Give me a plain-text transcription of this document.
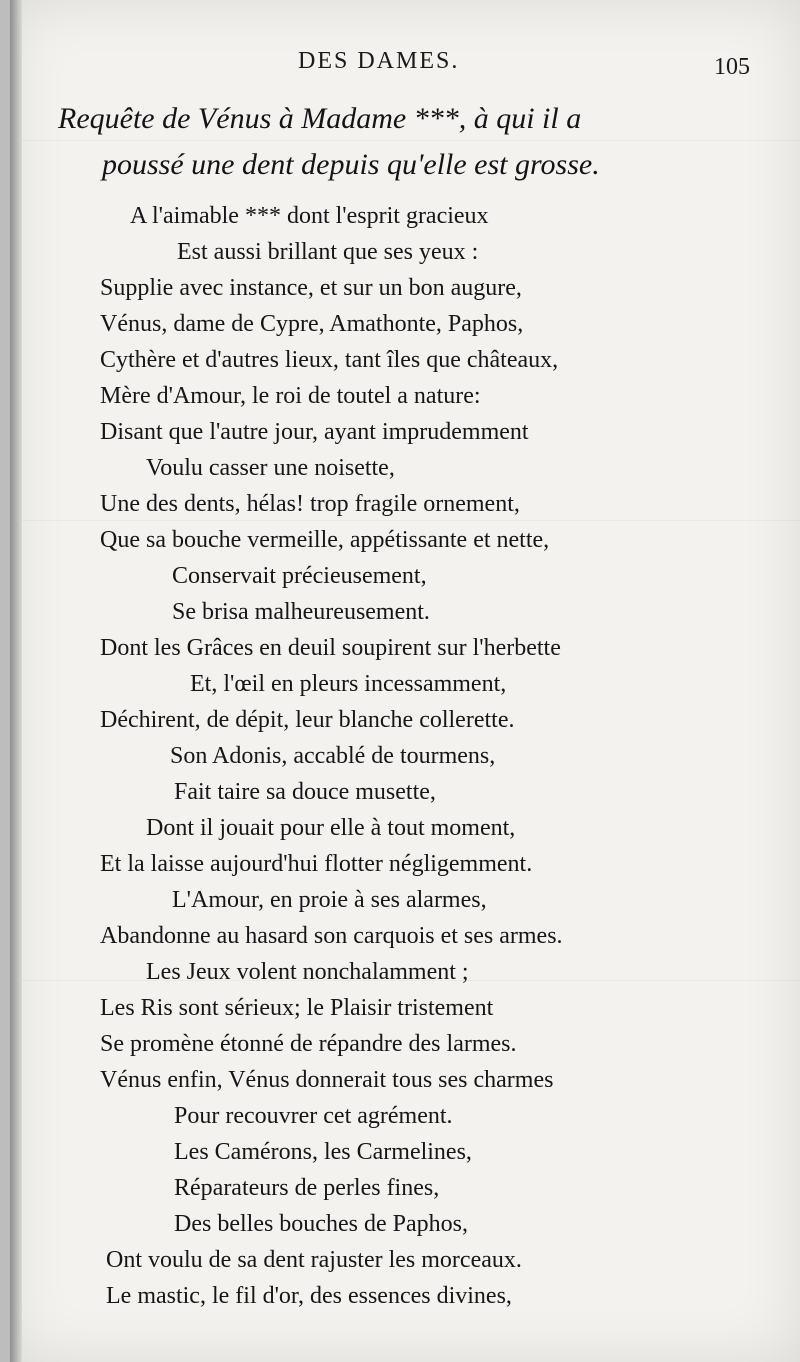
DES DAMES.	105
Requête de Vénus à Madame ***, à qui il a
poussé une dent depuis qu'elle est grosse.
A l'aimable *** dont l'esprit gracieux
Est aussi brillant que ses yeux :
Supplie avec instance, et sur un bon augure,
Vénus, dame de Cypre, Amathonte, Paphos,
Cythère et d'autres lieux, tant îles que châteaux,
Mère d'Amour, le roi de toutel a nature:
Disant que l'autre jour, ayant imprudemment
Voulu casser une noisette,
Une des dents, hélas! trop fragile ornement,
Que sa bouche vermeille, appétissante et nette,
Conservait précieusement,
Se brisa malheureusement.
Dont les Grâces en deuil soupirent sur l'herbette
Et, l'œil en pleurs incessamment,
Déchirent, de dépit, leur blanche collerette.
Son Adonis, accablé de tourmens,
Fait taire sa douce musette,
Dont il jouait pour elle à tout moment,
Et la laisse aujourd'hui flotter négligemment.
L'Amour, en proie à ses alarmes,
Abandonne au hasard son carquois et ses armes.
Les Jeux volent nonchalamment ;
Les Ris sont sérieux; le Plaisir tristement
Se promène étonné de répandre des larmes.
Vénus enfin, Vénus donnerait tous ses charmes
Pour recouvrer cet agrément.
Les Camérons, les Carmelines,
Réparateurs de perles fines,
Des belles bouches de Paphos,
Ont voulu de sa dent rajuster les morceaux.
Le mastic, le fil d'or, des essences divines,
